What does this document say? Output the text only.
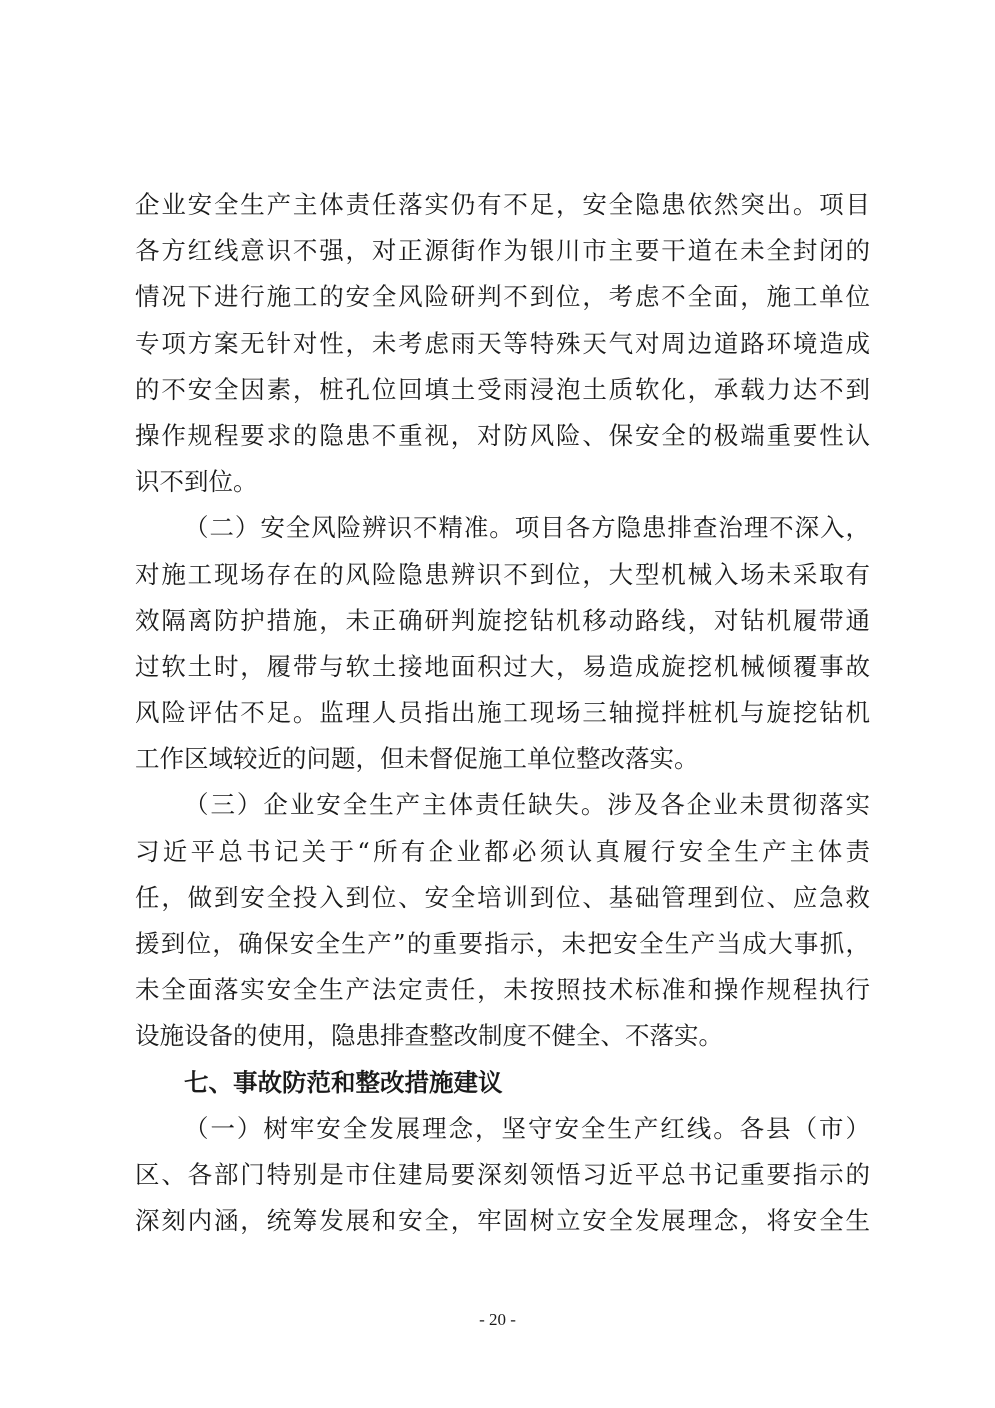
企业安全生产主体责任落实仍有不足，安全隐患依然突出。项目
各方红线意识不强，对正源街作为银川市主要干道在未全封闭的
情况下进行施工的安全风险研判不到位，考虑不全面，施工单位
专项方案无针对性，未考虑雨天等特殊天气对周边道路环境造成
的不安全因素，桩孔位回填土受雨浸泡土质软化，承载力达不到
操作规程要求的隐患不重视，对防风险、保安全的极端重要性认
识不到位。
（二）安全风险辨识不精准。项目各方隐患排查治理不深入，
对施工现场存在的风险隐患辨识不到位，大型机械入场未采取有
效隔离防护措施，未正确研判旋挖钻机移动路线，对钻机履带通
过软土时，履带与软土接地面积过大，易造成旋挖机械倾覆事故
风险评估不足。监理人员指出施工现场三轴搅拌桩机与旋挖钻机
工作区域较近的问题，但未督促施工单位整改落实。
（三）企业安全生产主体责任缺失。涉及各企业未贯彻落实
习近平总书记关于“所有企业都必须认真履行安全生产主体责
任，做到安全投入到位、安全培训到位、基础管理到位、应急救
援到位，确保安全生产”的重要指示，未把安全生产当成大事抓，
未全面落实安全生产法定责任，未按照技术标准和操作规程执行
设施设备的使用，隐患排查整改制度不健全、不落实。
七、事故防范和整改措施建议
（一）树牢安全发展理念，坚守安全生产红线。各县（市）
区、各部门特别是市住建局要深刻领悟习近平总书记重要指示的
深刻内涵，统筹发展和安全，牢固树立安全发展理念，将安全生
- 20 -
